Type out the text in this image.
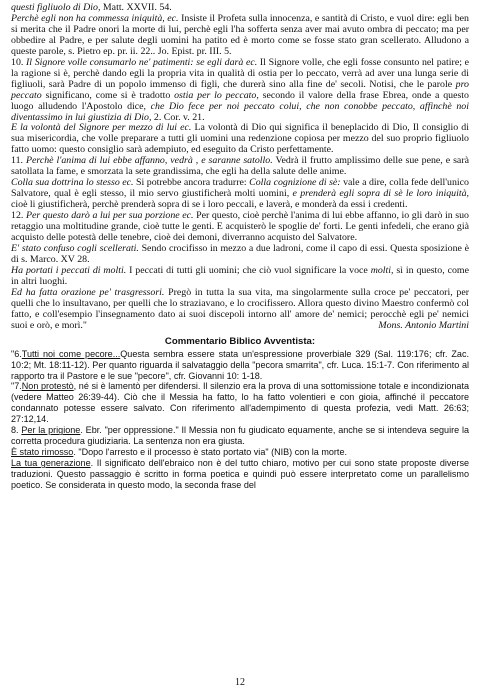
questi figliuolo di Dio, Matt. XXVII. 54.

Perchè egli non ha commessa iniquità, ec. Insiste il Profeta sulla innocenza, e santità di Cristo, e vuol dire: egli ben si merita che il Padre onori la morte di lui, perchè egli l'ha sofferta senza aver mai avuto ombra di peccato; ma per obbedire al Padre, e per salute degli uomini ha patito ed è morto come se fosse stato gran scellerato. Alludono a queste parole, s. Pietro ep. pr. ii. 22.. Jo. Epist. pr. III. 5.

10. Il Signore volle consumarlo ne' patimenti: se egli darà ec. Il Signore volle, che egli fosse consunto nel patire; e la ragione si è, perchè dando egli la propria vita in qualità di ostia per lo peccato, verrà ad aver una lunga serie di figliuoli, sarà Padre di un popolo immenso di figli, che durerà sino alla fine de' secoli. Notisi, che le parole pro peccato significano, come si è tradotto ostia per lo peccato, secondo il valore della frase Ebrea, onde a questo luogo alludendo l'Apostolo dice, che Dio fece per noi peccato colui, che non conobbe peccato, affinchè noi diventassimo in lui giustizia di Dio, 2. Cor. v. 21.

E la volontà del Signore per mezzo di lui ec. La volontà di Dio qui significa il beneplacido di Dio, Il consiglio di sua misericordia, che volle preparare a tutti gli uomini una redenzione copiosa per mezzo del suo proprio figliuolo fatto uomo: questo consiglio sarà adempiuto, ed eseguito da Cristo perfettamente.

11. Perchè l'anima di lui ebbe affanno, vedrà , e saranne satollo. Vedrà il frutto amplissimo delle sue pene, e sarà satollata la fame, e smorzata la sete grandissima, che egli ha della salute delle anime.

Colla sua dottrina lo stesso ec. Si potrebbe ancora tradurre: Colla cognizione di sè: vale a dire, colla fede dell'unico Salvatore, qual è egli stesso, il mio servo giustificherà molti uomini, e prenderà egli sopra di sè le loro iniquità, cioè li giustificherà, perchè prenderà sopra di se i loro peccali, e laverà, e monderà da essi i credenti.

12. Per questo darò a lui per sua porzione ec. Per questo, cioè perchè l'anima di lui ebbe affanno, io gli darò in suo retaggio una moltitudine grande, cioè tutte le genti. E acquisterò le spoglie de' forti. Le genti infedeli, che erano già acquisto delle potestà delle tenebre, cioè dei demoni, diverranno acquisto del Salvatore.

E' stato confuso cogli scellerati. Sendo crocifisso in mezzo a due ladroni, come il capo di essi. Questa sposizione è di s. Marco. XV 28.

Ha portati i peccati di molti. I peccati di tutti gli uomini; che ciò vuol significare la voce molti, sì in questo, come in altri luoghi.

Ed ha fatta orazione pe' trasgressori. Pregò in tutta la sua vita, ma singolarmente sulla croce pe' peccatori, per quelli che lo insultavano, per quelli che lo straziavano, e lo crocifissero. Allora questo divino Maestro confermò col fatto, e coll'esempio l'insegnamento dato ai suoi discepoli intorno all' amore de' nemici; perocchè egli pe' nemici suoi e orò, e morì."	Mons. Antonio Martini

Commentario Biblico Avventista:

"6.Tutti noi come pecore...Questa sembra essere stata un'espressione proverbiale 329 (Sal. 119:176; cfr. Zac. 10:2; Mt. 18:11-12). Per quanto riguarda il salvataggio della "pecora smarrita", cfr. Luca. 15:1-7. Con riferimento al rapporto tra il Pastore e le sue "pecore", cfr. Giovanni 10: 1-18.

"7.Non protestò, né si è lamentò per difendersi. Il silenzio era la prova di una sottomissione totale e incondizionata (vedere Matteo 26:39-44). Ciò che il Messia ha fatto, lo ha fatto volentieri e con gioia, affinché il peccatore condannato potesse essere salvato. Con riferimento all'adempimento di questa profezia, vedi Matt. 26:63; 27:12,14.

8. Per la prigione. Ebr. "per oppressione." Il Messia non fu giudicato equamente, anche se si intendeva seguire la corretta procedura giudiziaria. La sentenza non era giusta.

È stato rimosso. "Dopo l'arresto e il processo è stato portato via" (NIB) con la morte.

La tua generazione. Il significato dell'ebraico non è del tutto chiaro, motivo per cui sono state proposte diverse traduzioni. Questo passaggio è scritto in forma poetica e quindi può essere interpretato come un parallelismo poetico. Se considerata in questo modo, la seconda frase del

12
